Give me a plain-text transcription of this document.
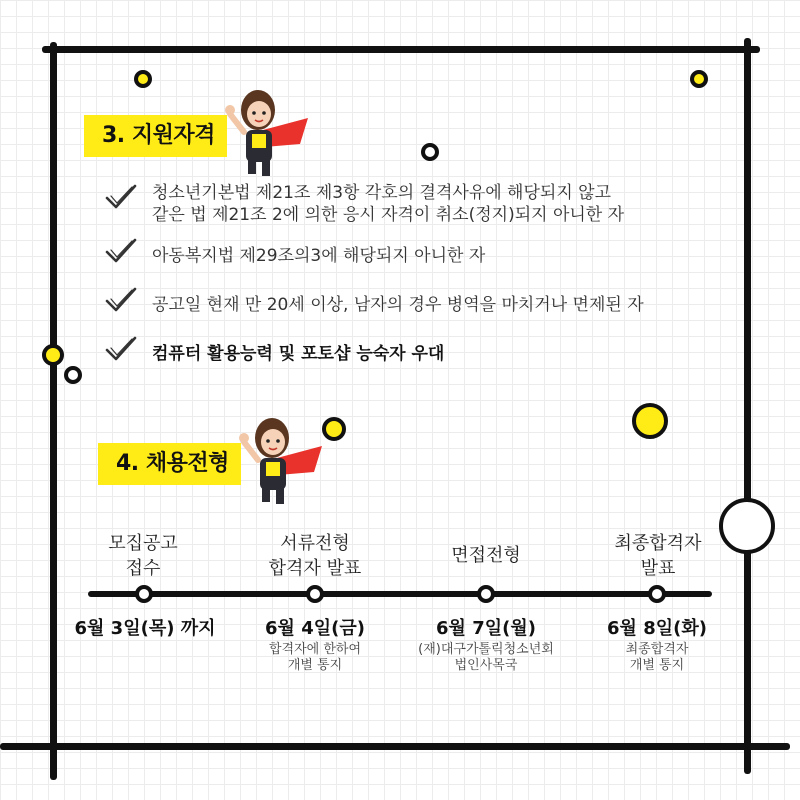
3. 지원자격
청소년기본법 제21조 제3항 각호의 결격사유에 해당되지 않고
같은 법 제21조 2에 의한 응시 자격이 취소(정지)되지 아니한 자
아동복지법 제29조의3에 해당되지 아니한 자
공고일 현재 만 20세 이상, 남자의 경우 병역을 마치거나 면제된 자
컴퓨터 활용능력 및 포토샵 능숙자 우대
4. 채용전형
모집공고
접수
6월 3일(목) 까지
서류전형
합격자 발표
6월 4일(금)
합격자에 한하여
개별 통지
면접전형
6월 7일(월)
(재)대구가톨릭청소년회
법인사목국
최종합격자
발표
6월 8일(화)
최종합격자
개별 통지
